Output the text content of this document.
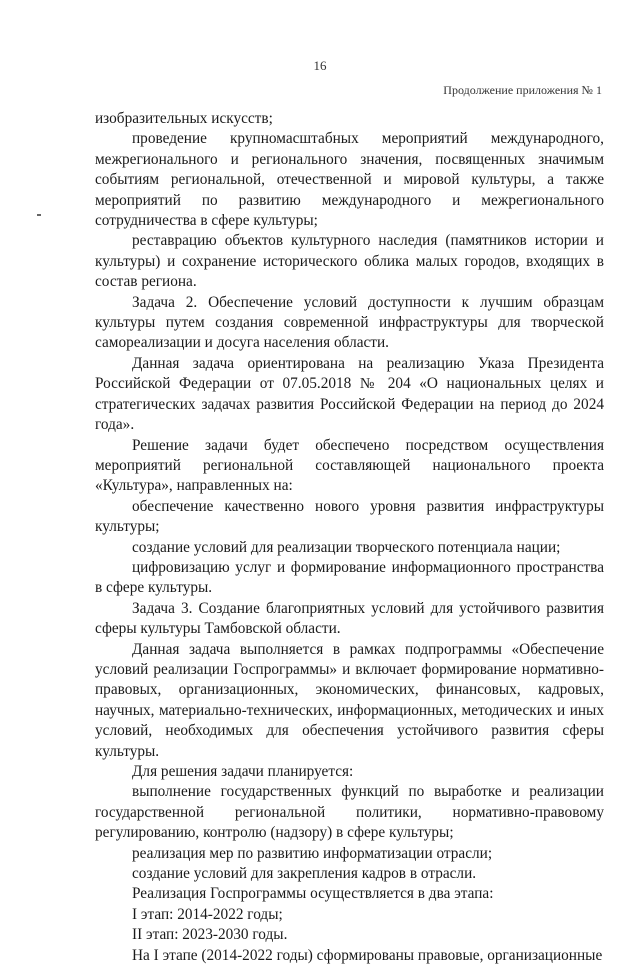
16
Продолжение приложения № 1

изобразительных искусств;

проведение крупномасштабных мероприятий международного, межрегионального и регионального значения, посвященных значимым событиям региональной, отечественной и мировой культуры, а также мероприятий по развитию международного и межрегионального сотрудничества в сфере культуры;

реставрацию объектов культурного наследия (памятников истории и культуры) и сохранение исторического облика малых городов, входящих в состав региона.

Задача 2. Обеспечение условий доступности к лучшим образцам культуры путем создания современной инфраструктуры для творческой самореализации и досуга населения области.

Данная задача ориентирована на реализацию Указа Президента Российской Федерации от 07.05.2018 № 204 «О национальных целях и стратегических задачах развития Российской Федерации на период до 2024 года».

Решение задачи будет обеспечено посредством осуществления мероприятий региональной составляющей национального проекта «Культура», направленных на:

обеспечение качественно нового уровня развития инфраструктуры культуры;

создание условий для реализации творческого потенциала нации;

цифровизацию услуг и формирование информационного пространства в сфере культуры.

Задача 3. Создание благоприятных условий для устойчивого развития сферы культуры Тамбовской области.

Данная задача выполняется в рамках подпрограммы «Обеспечение условий реализации Госпрограммы» и включает формирование нормативно-правовых, организационных, экономических, финансовых, кадровых, научных, материально-технических, информационных, методических и иных условий, необходимых для обеспечения устойчивого развития сферы культуры.

Для решения задачи планируется:

выполнение государственных функций по выработке и реализации государственной региональной политики, нормативно-правовому регулированию, контролю (надзору) в сфере культуры;

реализация мер по развитию информатизации отрасли;

создание условий для закрепления кадров в отрасли.

Реализация Госпрограммы осуществляется в два этапа:

I этап: 2014-2022 годы;

II этап: 2023-2030 годы.

На I этапе (2014-2022 годы) сформированы правовые, организационные
